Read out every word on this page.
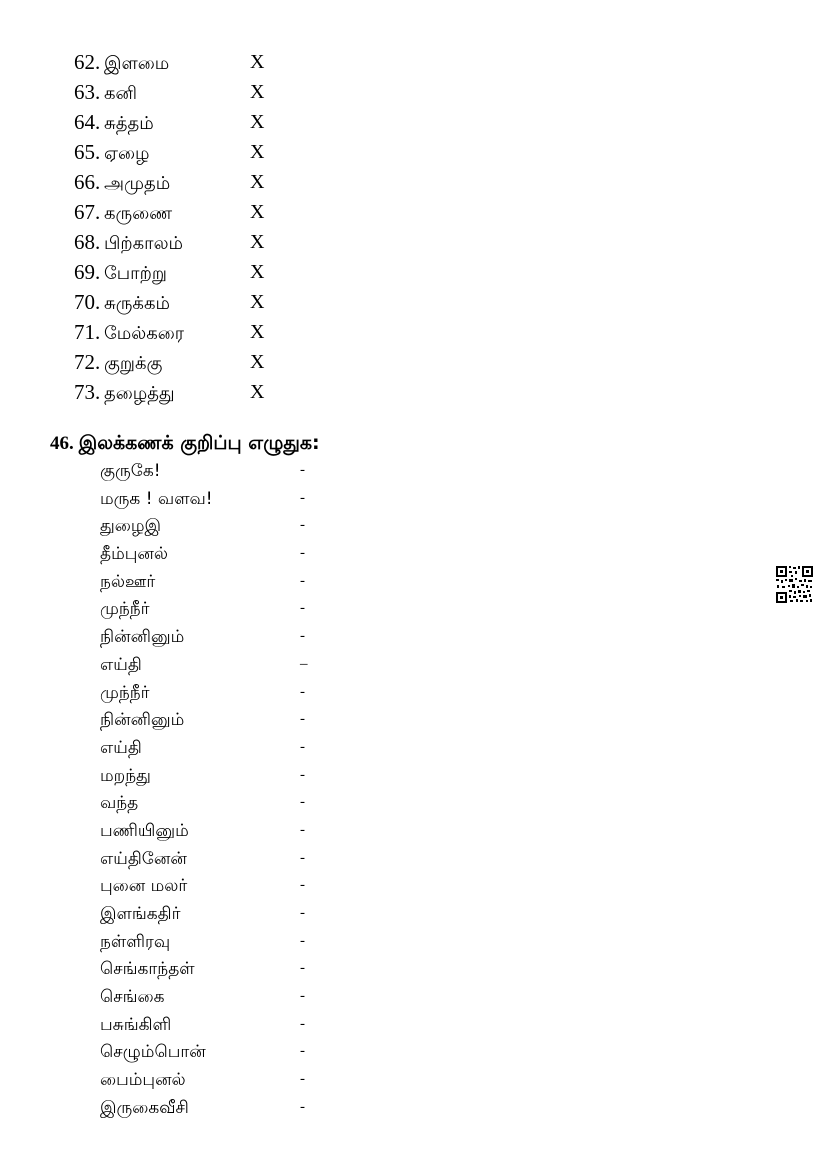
62. இளமை	X
63. கனி	X
64. சுத்தம்	X
65. ஏழை	X
66. அமுதம்	X
67. கருணை	X
68. பிற்காலம்	X
69. போற்று	X
70. சுருக்கம்	X
71. மேல்கரை	X
72. குறுக்கு	X
73. தழைத்து	X
46. இலக்கணக் குறிப்பு எழுதுக:
குருகே!	-
மருக ! வளவ!	-
துழைஇ	-
தீம்புனல்	-
நல்ஊர்	-
முந்நீர்	-
நின்னினும்	-
எய்தி	–
முந்நீர்	-
நின்னினும்	-
எய்தி	-
மறந்து	-
வந்த	-
பணியினும்	-
எய்தினேன்	-
புனை மலர்	-
இளங்கதிர்	-
நள்ளிரவு	-
செங்காந்தள்	-
செங்கை	-
பசுங்கிளி	-
செழும்பொன்	-
பைம்புனல்	-
இருகைவீசி	-
